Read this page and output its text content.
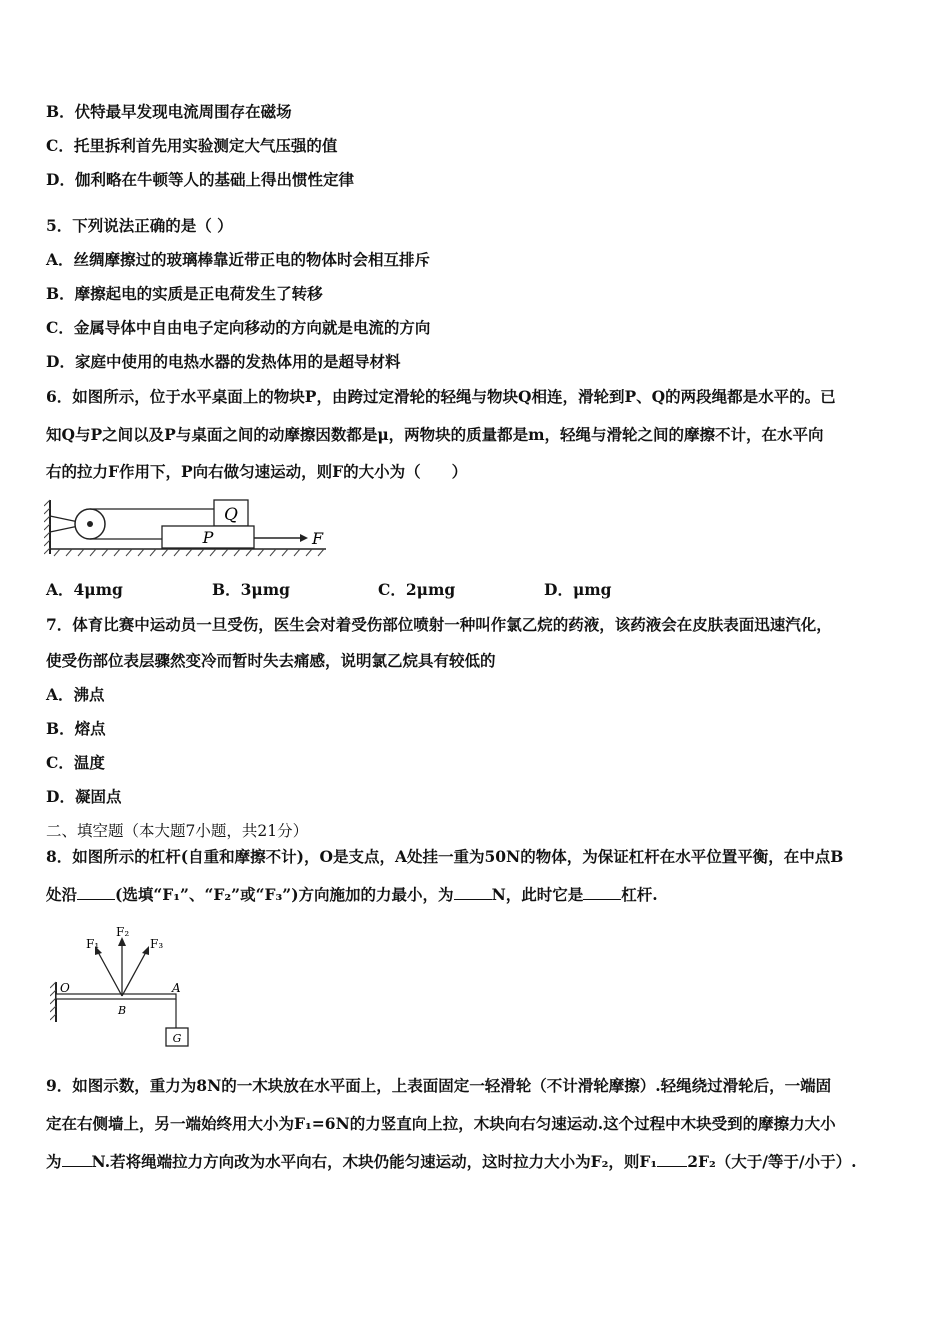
B．伏特最早发现电流周围存在磁场
C．托里拆利首先用实验测定大气压强的值
D．伽利略在牛顿等人的基础上得出惯性定律
5．下列说法正确的是（ ）
A．丝绸摩擦过的玻璃棒靠近带正电的物体时会相互排斥
B．摩擦起电的实质是正电荷发生了转移
C．金属导体中自由电子定向移动的方向就是电流的方向
D．家庭中使用的电热水器的发热体用的是超导材料
6．如图所示，位于水平桌面上的物块P，由跨过定滑轮的轻绳与物块Q相连，滑轮到P、Q的两段绳都是水平的。已
知Q与P之间以及P与桌面之间的动摩擦因数都是μ，两物块的质量都是m，轻绳与滑轮之间的摩擦不计，在水平向
右的拉力F作用下，P向右做匀速运动，则F的大小为（　　）
Q
P	F
A．4μmg	B．3μmg	C．2μmg	D．μmg
7．体育比赛中运动员一旦受伤，医生会对着受伤部位喷射一种叫作氯乙烷的药液，该药液会在皮肤表面迅速汽化，
使受伤部位表层骤然变冷而暂时失去痛感，说明氯乙烷具有较低的
A．沸点
B．熔点
C．温度
D．凝固点
二、填空题（本大题7小题，共21分）
8．如图所示的杠杆(自重和摩擦不计)，O是支点，A处挂一重为50N的物体，为保证杠杆在水平位置平衡，在中点B
处沿 (选填“F₁”、“F₂”或“F₃”)方向施加的力最小，为 N，此时它是 杠杆.
O	A
B
F₁
F₂
F₃
G
9．如图示数，重力为8N的一木块放在水平面上，上表面固定一轻滑轮（不计滑轮摩擦）.轻绳绕过滑轮后，一端固
定在右侧墙上，另一端始终用大小为F₁=6N的力竖直向上拉，木块向右匀速运动.这个过程中木块受到的摩擦力大小
为 N.若将绳端拉力方向改为水平向右，木块仍能匀速运动，这时拉力大小为F₂，则F₁ 2F₂（大于/等于/小于）.
